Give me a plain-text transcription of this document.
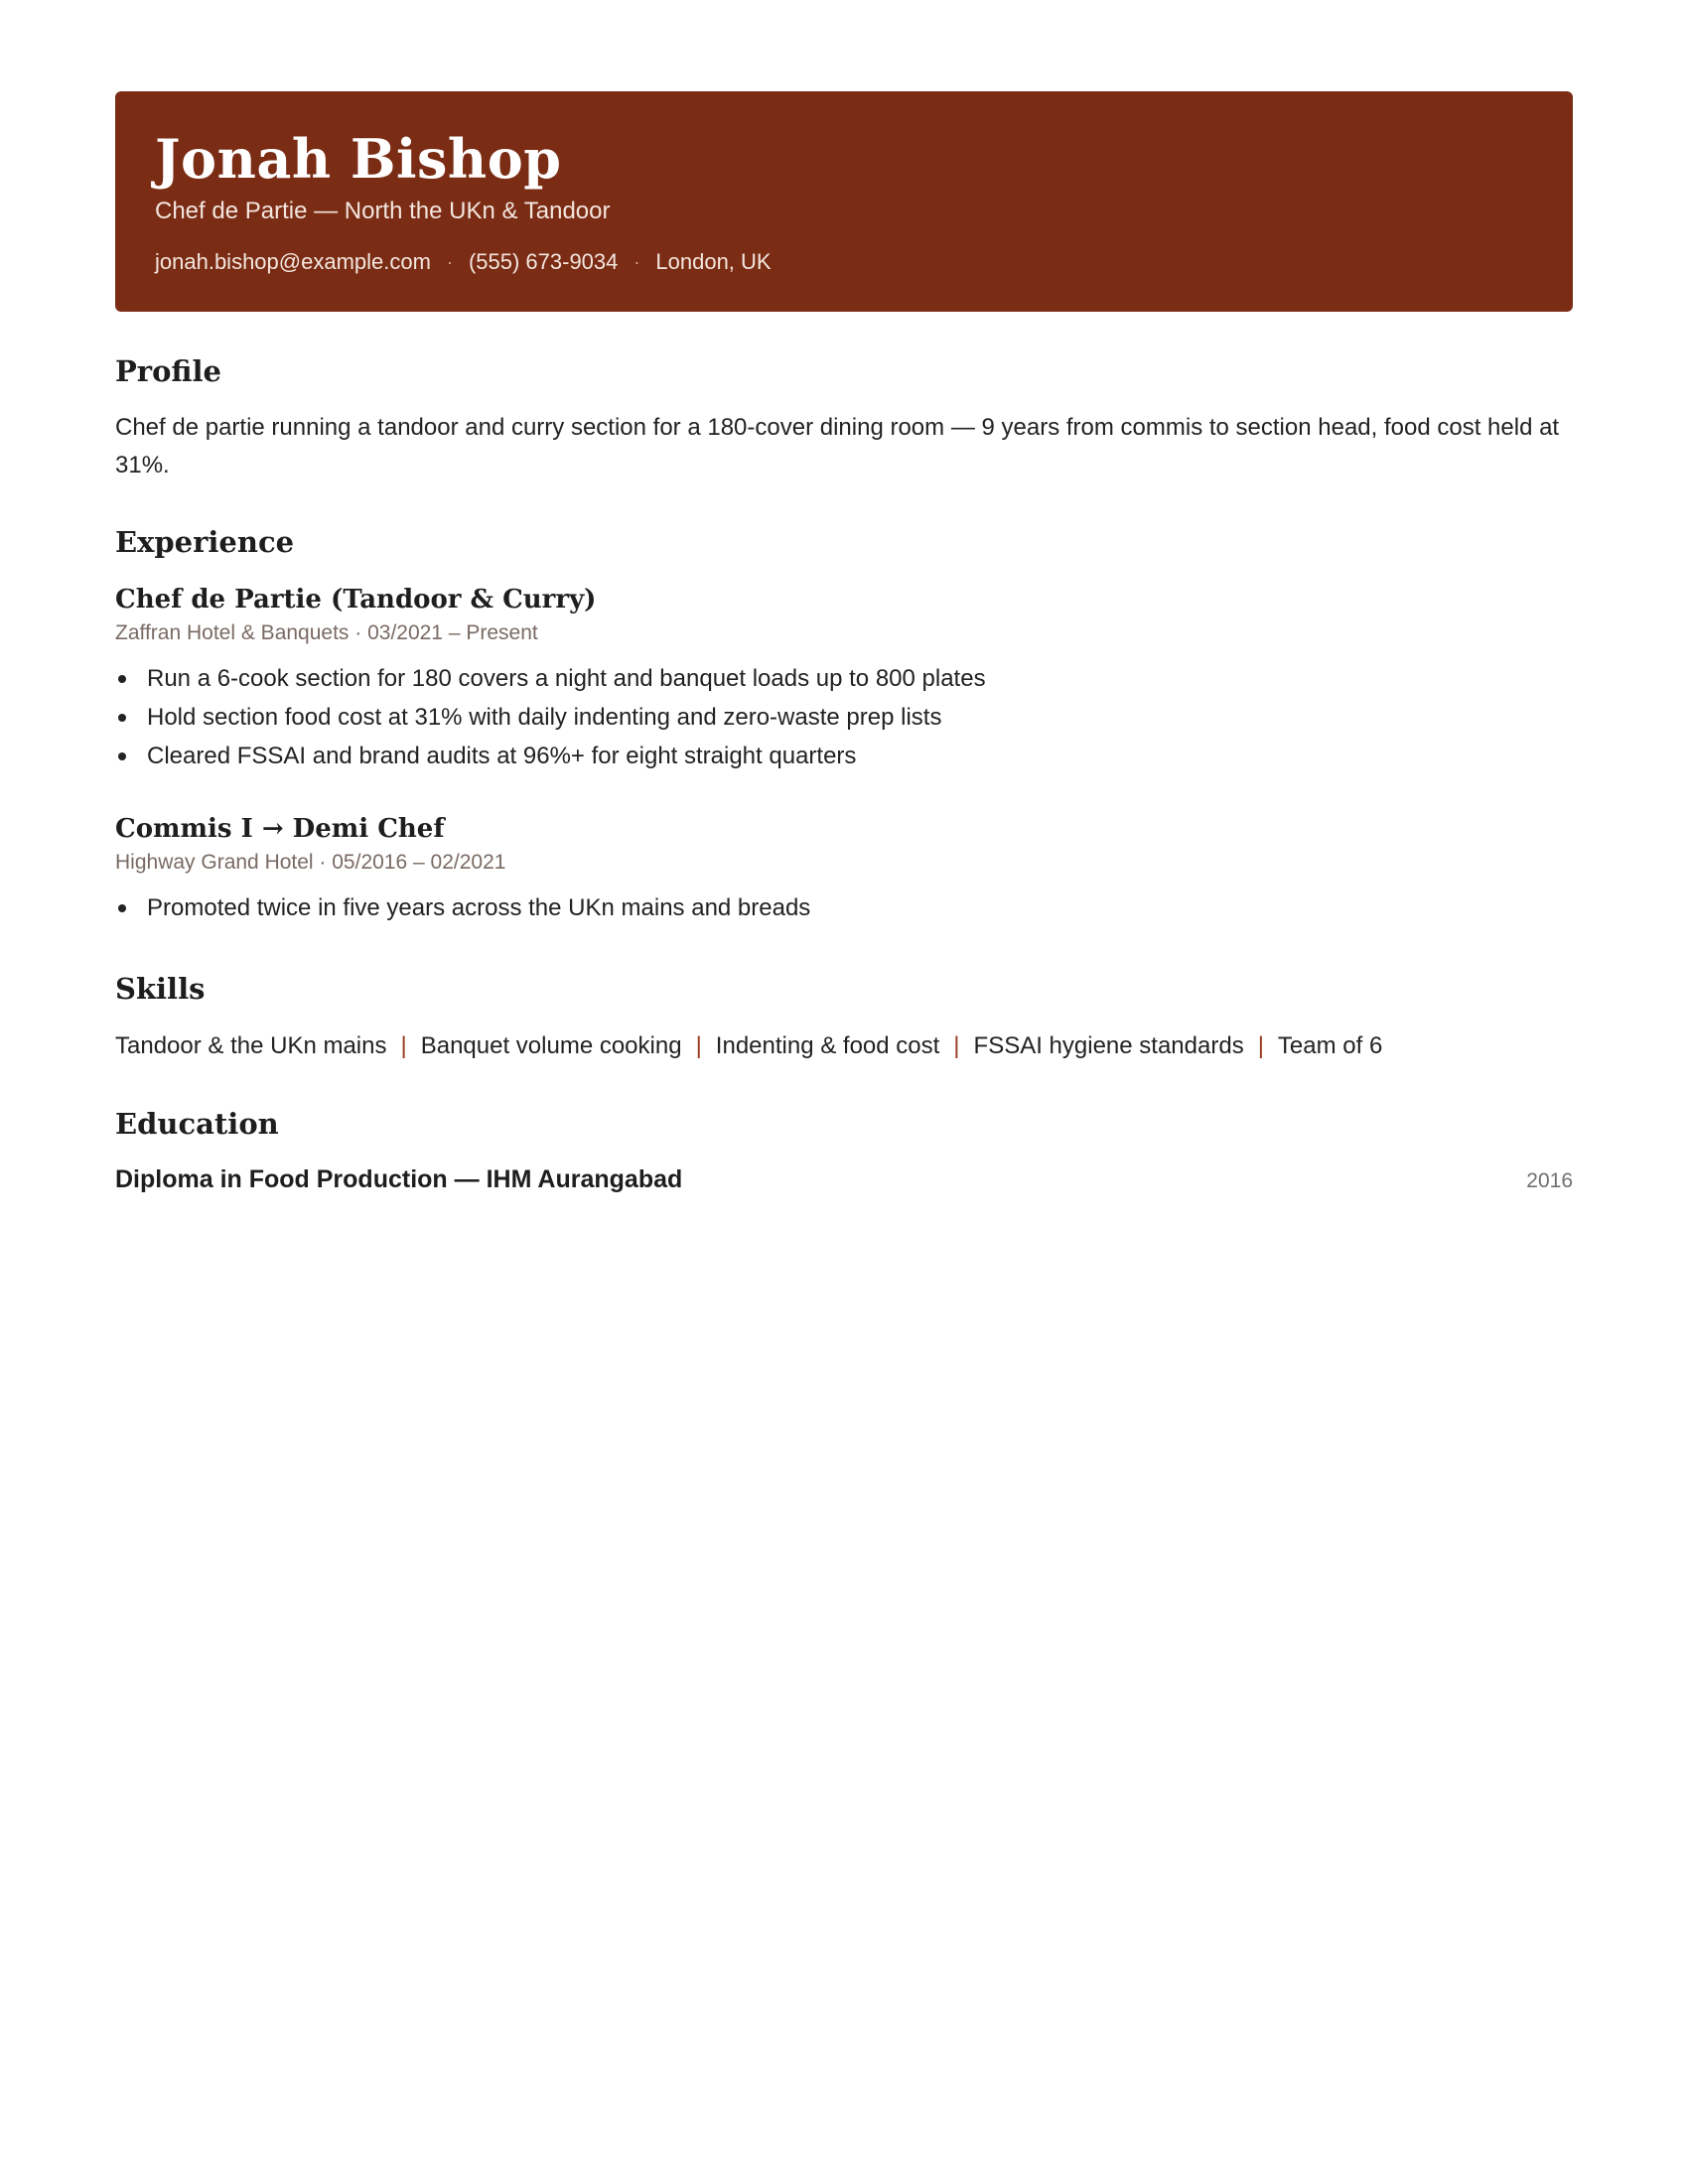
Jonah Bishop
Chef de Partie — North the UKn & Tandoor
jonah.bishop@example.com · (555) 673-9034 · London, UK
Profile
Chef de partie running a tandoor and curry section for a 180-cover dining room — 9 years from commis to section head, food cost held at 31%.
Experience
Chef de Partie (Tandoor & Curry)
Zaffran Hotel & Banquets · 03/2021 – Present
Run a 6-cook section for 180 covers a night and banquet loads up to 800 plates
Hold section food cost at 31% with daily indenting and zero-waste prep lists
Cleared FSSAI and brand audits at 96%+ for eight straight quarters
Commis I → Demi Chef
Highway Grand Hotel · 05/2016 – 02/2021
Promoted twice in five years across the UKn mains and breads
Skills
Tandoor & the UKn mains | Banquet volume cooking | Indenting & food cost | FSSAI hygiene standards | Team of 6
Education
Diploma in Food Production — IHM Aurangabad	2016
